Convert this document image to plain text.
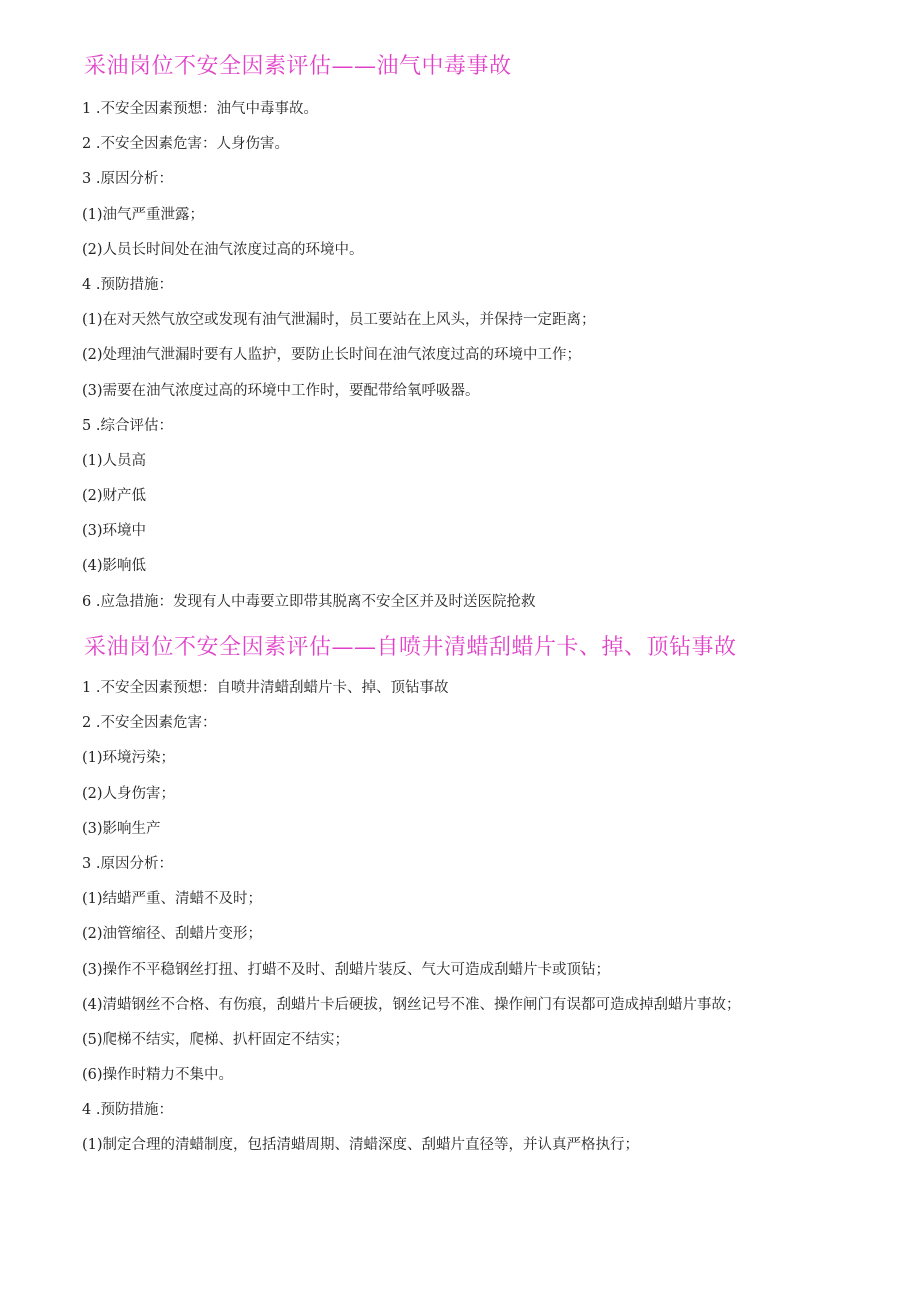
采油岗位不安全因素评估——油气中毒事故
1 .不安全因素预想：油气中毒事故。
2 .不安全因素危害：人身伤害。
3 .原因分析：
(1)油气严重泄露；
(2)人员长时间处在油气浓度过高的环境中。
4 .预防措施：
(1)在对天然气放空或发现有油气泄漏时，员工要站在上风头，并保持一定距离；
(2)处理油气泄漏时要有人监护，要防止长时间在油气浓度过高的环境中工作；
(3)需要在油气浓度过高的环境中工作时，要配带给氧呼吸器。
5 .综合评估：
(1)人员高
(2)财产低
(3)环境中
(4)影响低
6 .应急措施：发现有人中毒要立即带其脱离不安全区并及时送医院抢救
采油岗位不安全因素评估——自喷井清蜡刮蜡片卡、掉、顶钻事故
1 .不安全因素预想：自喷井清蜡刮蜡片卡、掉、顶钻事故
2 .不安全因素危害：
(1)环境污染；
(2)人身伤害；
(3)影响生产
3 .原因分析：
(1)结蜡严重、清蜡不及时；
(2)油管缩径、刮蜡片变形；
(3)操作不平稳钢丝打扭、打蜡不及时、刮蜡片装反、气大可造成刮蜡片卡或顶钻；
(4)清蜡钢丝不合格、有伤痕，刮蜡片卡后硬拔，钢丝记号不准、操作闸门有误都可造成掉刮蜡片事故；
(5)爬梯不结实，爬梯、扒杆固定不结实；
(6)操作时精力不集中。
4 .预防措施：
(1)制定合理的清蜡制度，包括清蜡周期、清蜡深度、刮蜡片直径等，并认真严格执行；
